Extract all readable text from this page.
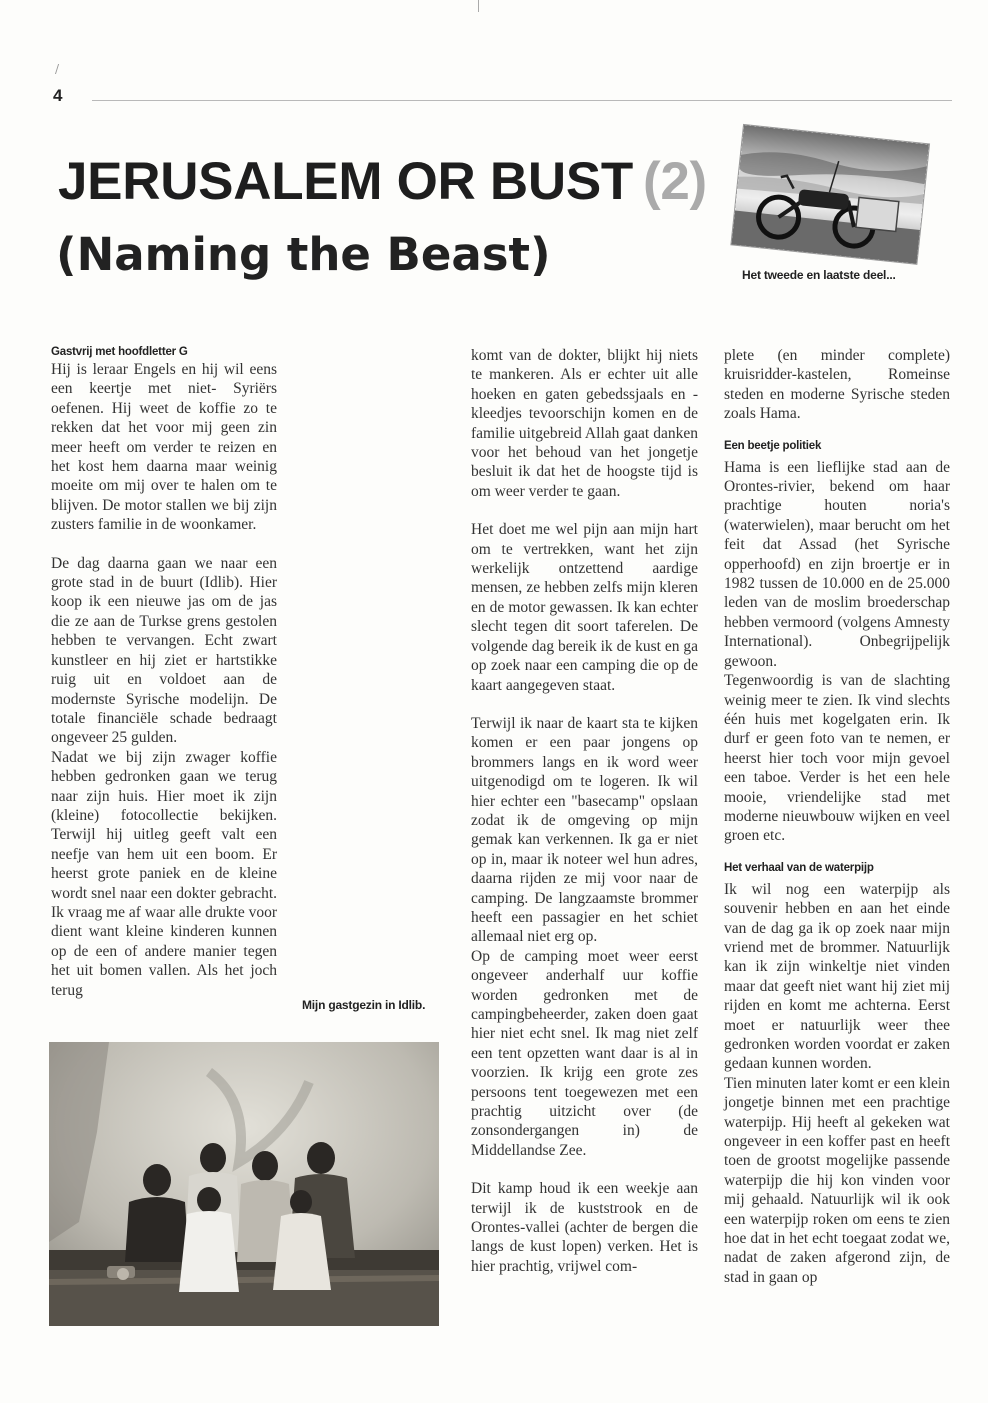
/
4
JERUSALEM OR BUST (2)
(Naming the Beast)	Het tweede en laatste deel...
Gastvrij met hoofdletter G

Hij is leraar Engels en hij wil eens een keertje met niet- Syriërs oefenen. Hij weet de koffie zo te rekken dat het voor mij geen zin meer heeft om verder te reizen en het kost hem daarna maar weinig moeite om mij over te halen om te blijven. De motor stallen we bij zijn zusters familie in de woonkamer.

De dag daarna gaan we naar een grote stad in de buurt (Idlib). Hier koop ik een nieuwe jas om de jas die ze aan de Turkse grens gestolen hebben te vervangen. Echt zwart kunstleer en hij ziet er hartstikke ruig uit en voldoet aan de modernste Syrische modelijn. De totale financiële schade bedraagt ongeveer 25 gulden.

Nadat we bij zijn zwager koffie hebben gedronken gaan we terug naar zijn huis. Hier moet ik zijn (kleine) fotocollectie bekijken. Terwijl hij uitleg geeft valt een neefje van hem uit een boom. Er heerst grote paniek en de kleine wordt snel naar een dokter gebracht. Ik vraag me af waar alle drukte voor dient want kleine kinderen kunnen op de een of andere manier tegen het uit bomen vallen. Als het joch terug

komt van de dokter, blijkt hij niets te mankeren. Als er echter uit alle hoeken en gaten gebedssjaals en -kleedjes tevoorschijn komen en de familie uitgebreid Allah gaat danken voor het behoud van het jongetje besluit ik dat het de hoogste tijd is om weer verder te gaan.

Het doet me wel pijn aan mijn hart om te vertrekken, want het zijn werkelijk ontzettend aardige mensen, ze hebben zelfs mijn kleren en de motor gewassen. Ik kan echter slecht tegen dit soort taferelen. De volgende dag bereik ik de kust en ga op zoek naar een camping die op de kaart aangegeven staat.

Terwijl ik naar de kaart sta te kijken komen er een paar jongens op brommers langs en ik word weer uitgenodigd om te logeren. Ik wil hier echter een "basecamp" opslaan zodat ik de omgeving op mijn gemak kan verkennen. Ik ga er niet op in, maar ik noteer wel hun adres, daarna rijden ze mij voor naar de camping. De langzaamste brommer heeft een passagier en het schiet allemaal niet erg op.

Op de camping moet weer eerst ongeveer anderhalf uur koffie worden gedronken met de campingbeheerder, zaken doen gaat hier niet echt snel. Ik mag niet zelf een tent opzetten want daar is al in voorzien. Ik krijg een grote zes persoons tent toegewezen met een prachtig uitzicht over (de zonsondergangen in) de Middellandse Zee.

Dit kamp houd ik een weekje aan terwijl ik de kuststrook en de Orontes-vallei (achter de bergen die langs de kust lopen) verken. Het is hier prachtig, vrijwel com-

plete (en minder complete) kruisridder-kastelen, Romeinse steden en moderne Syrische steden zoals Hama.

Een beetje politiek

Hama is een lieflijke stad aan de Orontes-rivier, bekend om haar prachtige houten noria's (waterwielen), maar berucht om het feit dat Assad (het Syrische opperhoofd) en zijn broertje er in 1982 tussen de 10.000 en de 25.000 leden van de moslim broederschap hebben vermoord (volgens Amnesty International). Onbegrijpelijk gewoon.

Tegenwoordig is van de slachting weinig meer te zien. Ik vind slechts één huis met kogelgaten erin. Ik durf er geen foto van te nemen, er heerst hier toch voor mijn gevoel een taboe. Verder is het een hele mooie, vriendelijke stad met moderne nieuwbouw wijken en veel groen etc.

Het verhaal van de waterpijp

Ik wil nog een waterpijp als souvenir hebben en aan het einde van de dag ga ik op zoek naar mijn vriend met de brommer. Natuurlijk kan ik zijn winkeltje niet vinden maar dat geeft niet want hij ziet mij rijden en komt me achterna. Eerst moet er natuurlijk weer thee gedronken worden voordat er zaken gedaan kunnen worden.

Tien minuten later komt er een klein jongetje binnen met een prachtige waterpijp. Hij heeft al gekeken wat ongeveer in een koffer past en heeft toen de grootst mogelijke passende waterpijp die hij kon vinden voor mij gehaald. Natuurlijk wil ik ook een waterpijp roken om eens te zien hoe dat in het echt toegaat zodat we, nadat de zaken afgerond zijn, de stad in gaan op

Mijn gastgezin in Idlib.
